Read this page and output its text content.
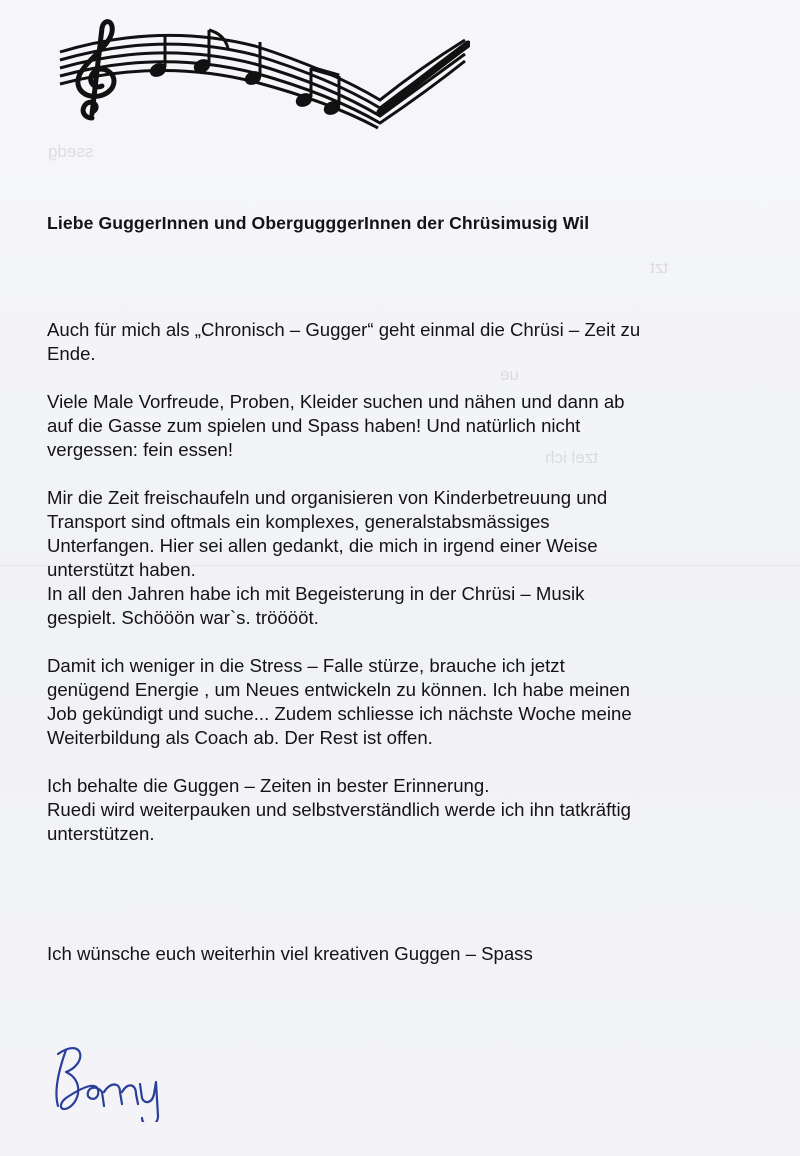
ssedg
tzt
ue
tzel ich
Liebe GuggerInnen und ObergugggerInnen der Chrüsimusig Wil

Auch für mich als „Chronisch – Gugger“ geht einmal die Chrüsi – Zeit zu
Ende.

Viele Male Vorfreude, Proben, Kleider suchen und nähen und dann ab
auf die Gasse zum spielen und Spass haben! Und natürlich nicht
vergessen: fein essen!

Mir die Zeit freischaufeln und organisieren von Kinderbetreuung und
Transport sind oftmals ein komplexes, generalstabsmässiges
Unterfangen. Hier sei allen gedankt, die mich in irgend einer Weise
unterstützt haben.

In all den Jahren habe ich mit Begeisterung in der Chrüsi – Musik
gespielt. Schööön war`s. trööööt.

Damit ich weniger in die Stress – Falle stürze, brauche ich jetzt
genügend Energie , um Neues entwickeln zu können. Ich habe meinen
Job gekündigt und suche... Zudem schliesse ich nächste Woche meine
Weiterbildung als Coach ab. Der Rest ist offen.

Ich behalte die Guggen – Zeiten in bester Erinnerung.
Ruedi wird weiterpauken und selbstverständlich werde ich ihn tatkräftig
unterstützen.

Ich wünsche euch weiterhin viel kreativen Guggen – Spass
